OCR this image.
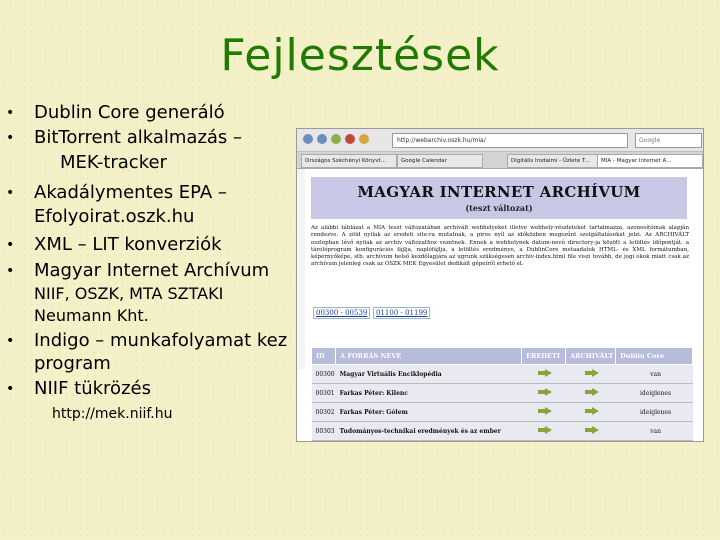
Fejlesztések
• Dublin Core generáló
• BitTorrent alkalmazás –
MEK-tracker
• Akadálymentes EPA –
Efolyoirat.oszk.hu
• XML – LIT konverziók
• Magyar Internet Archívum
NIIF, OSZK, MTA SZTAKI
Neumann Kht.
• Indigo – munkafolyamat kez
program
• NIIF tükrözés
http://mek.niif.hu
http://webarchiv.oszk.hu/mia/	Google
Országos Széchényi Könyvt...	Google Calendar	Digitális Irodalmi - Üzlete T...	MIA - Magyar Internet A...
MAGYAR INTERNET ARCHÍVUM
(teszt változat)
Az alábbi táblázat a MIA teszt változatában archivált webhelyeket illetve webhely-részleteket tartalmazza, azonosítóinak alapján rendezve. A zöld nyilak az eredeti site-ra mutatnak, a piros nyíl az időközben megszűnt szolgáltatásokat jelzi. Az ARCHIVÁLT oszlopban lévő nyilak az archív változathoz vezetnek. Ennek a webhelynek dátum-nevű directory-ja között a letöltés időpontját, a tárolóprogram konfigurációs fájlja, naplófájlja, a letöltés eredménye, a DublinCore metaadatok HTML- és XML formátumban, képernyőképe, stb. archívum belső kezdőlapjára az ugrunk szükségesen archiv-index.html file viszi tovább, de jogi okok miatt csak az archívum jelenleg csak az OSZK MEK Egyesület dedikált gépeiről érhető el.
00300 - 00539	01100 - 01199
ID	A FORRÁS NEVE	EREDETI	ARCHIVÁLT	Dublin Core
00300	Magyar Virtuális Enciklopédia			van
00301	Farkas Péter: Kilenc			ideiglenes
00302	Farkas Péter: Gólem			ideiglenes
00303	Tudományos-technikai eredmények és az ember			van
